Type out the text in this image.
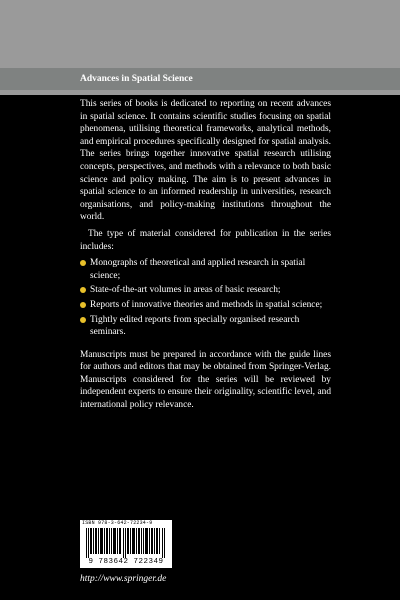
Advances in Spatial Science

This series of books is dedicated to reporting on recent advances in spatial science. It contains scientific studies focusing on spatial phenomena, utilising theoretical frameworks, analytical methods, and empirical procedures specifically designed for spatial analysis. The series brings together innovative spatial research utilising concepts, perspectives, and methods with a relevance to both basic science and policy making. The aim is to present advances in spatial science to an informed readership in universities, research organisations, and policy-making institutions throughout the world.

The type of material considered for publication in the series includes:

Monographs of theoretical and applied research in spatial science;
State-of-the-art volumes in areas of basic research;
Reports of innovative theories and methods in spatial science;
Tightly edited reports from specially organised research seminars.

Manuscripts must be prepared in accordance with the guide lines for authors and editors that may be obtained from Springer-Verlag. Manuscripts considered for the series will be reviewed by independent experts to ensure their originality, scientific level, and international policy relevance.

ISBN 978-3-642-72234-9
9 783642 722349
http://www.springer.de
